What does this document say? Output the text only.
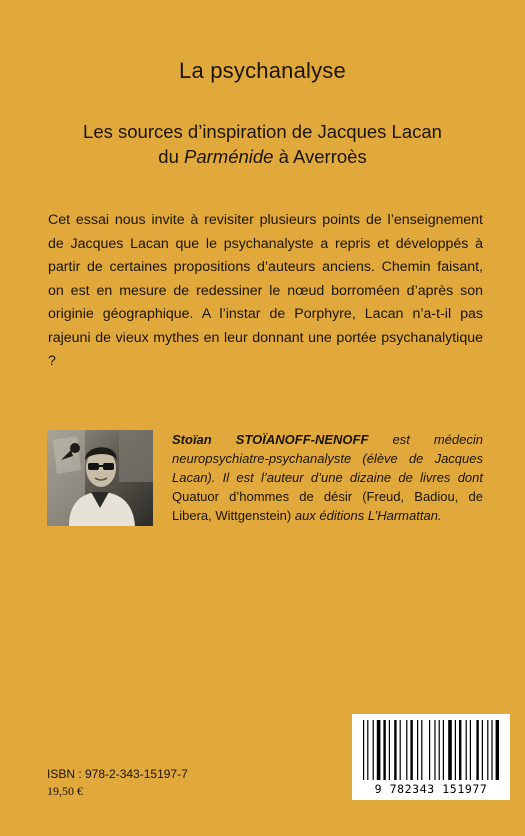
La psychanalyse
Les sources d’inspiration de Jacques Lacan
du Parménide à Averroès
Cet essai nous invite à revisiter plusieurs points de l’enseignement de Jacques Lacan que le psychanalyste a repris et développés à partir de certaines propositions d’auteurs anciens. Chemin faisant, on est en mesure de redessiner le nœud borroméen d’après son originie géographique. A l’instar de Porphyre, Lacan n’a-t-il pas rajeuni de vieux mythes en leur donnant une portée psychanalytique ?
Stoïan STOÏANOFF-NENOFF est médecin neuropsychiatre-psychanalyste (élève de Jacques Lacan). Il est l’auteur d’une dizaine de livres dont Quatuor d’hommes de désir (Freud, Badiou, de Libera, Wittgenstein) aux éditions L’Harmattan.
9 782343 151977
ISBN : 978-2-343-15197-7
19,50 €
